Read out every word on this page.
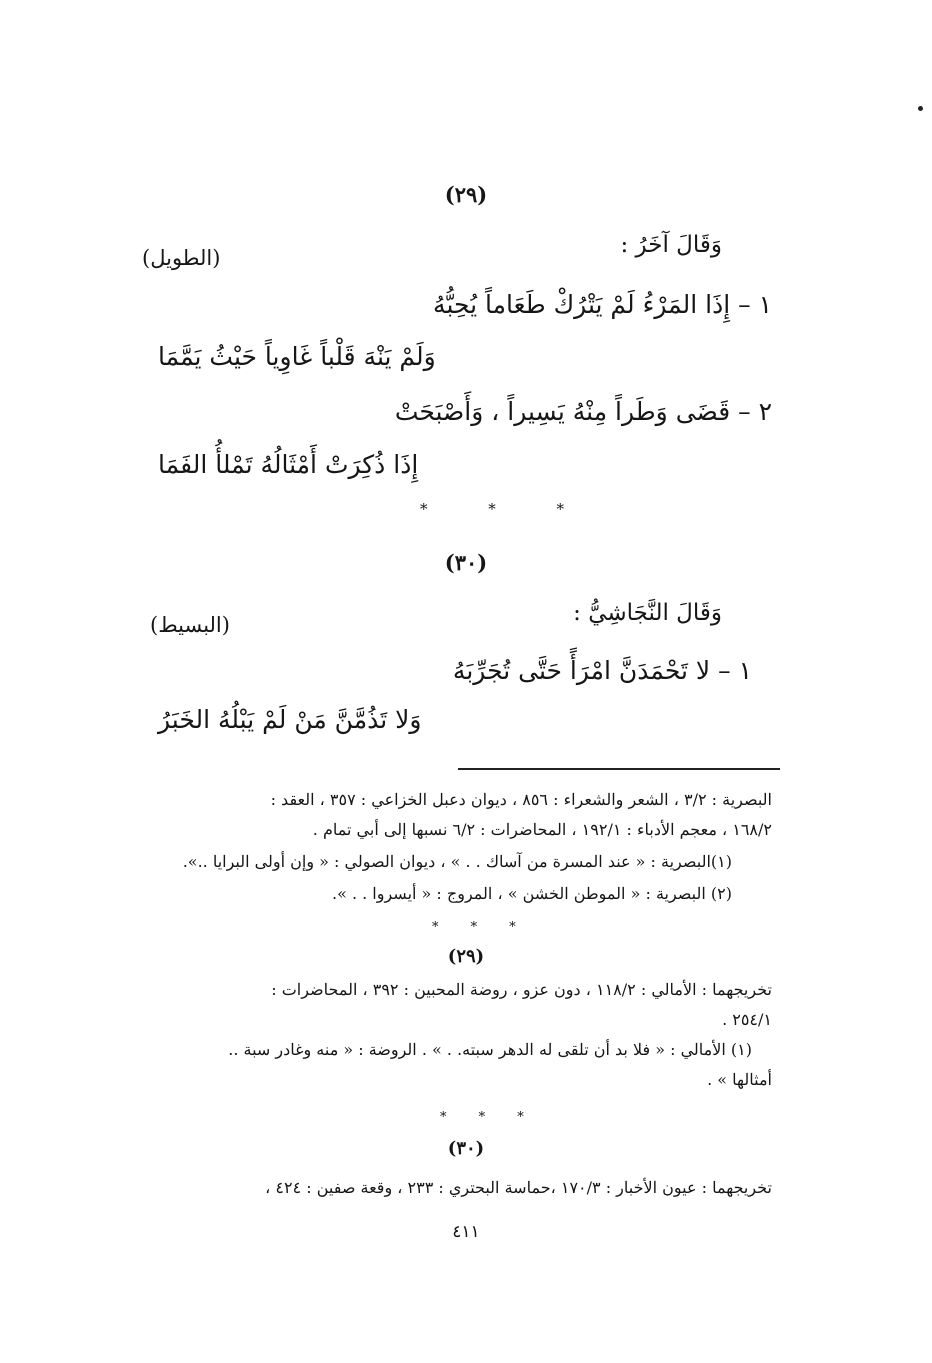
(٢٩)
وَقَالَ آخَرُ :
(الطويل)
١ – إِذَا المَرْءُ لَمْ يَتْرُكْ طَعَاماً يُحِبُّهُ
وَلَمْ يَنْهَ قَلْباً غَاوِياً حَيْثُ يَمَّمَا
٢ – قَضَى وَطَراً مِنْهُ يَسِيراً ، وَأَصْبَحَتْ
إِذَا ذُكِرَتْ أَمْثَالُهُ تَمْلأُ الفَمَا
* * *
(٣٠)
وَقَالَ النَّجَاشِيُّ :
(البسيط)
١ – لا تَحْمَدَنَّ امْرَأً حَتَّى تُجَرِّبَهُ
وَلا تَذُمَّنَّ مَنْ لَمْ يَبْلُهُ الخَبَرُ
البصرية : ٣/٢ ، الشعر والشعراء : ٨٥٦ ، ديوان دعبل الخزاعي : ٣٥٧ ، العقد :
١٦٨/٢ ، معجم الأدباء : ١٩٢/١ ، المحاضرات : ٦/٢ نسبها إلى أبي تمام .
(١)البصرية : « عند المسرة من آساك . . » ، ديوان الصولي : « وإن أولى البرايا ..».
(٢) البصرية : « الموطن الخشن » ، المروج : « أيسروا . . ».
* * *
(٢٩)
تخريجهما : الأمالي : ١١٨/٢ ، دون عزو ، روضة المحبين : ٣٩٢ ، المحاضرات :
٢٥٤/١ .
(١) الأمالي : « فلا بد أن تلقى له الدهر سبته. . » . الروضة : « منه وغادر سبة ..
أمثالها » .
* * *
(٣٠)
تخريجهما : عيون الأخبار : ١٧٠/٣ ،حماسة البحتري : ٢٣٣ ، وقعة صفين : ٤٢٤ ،
٤١١
